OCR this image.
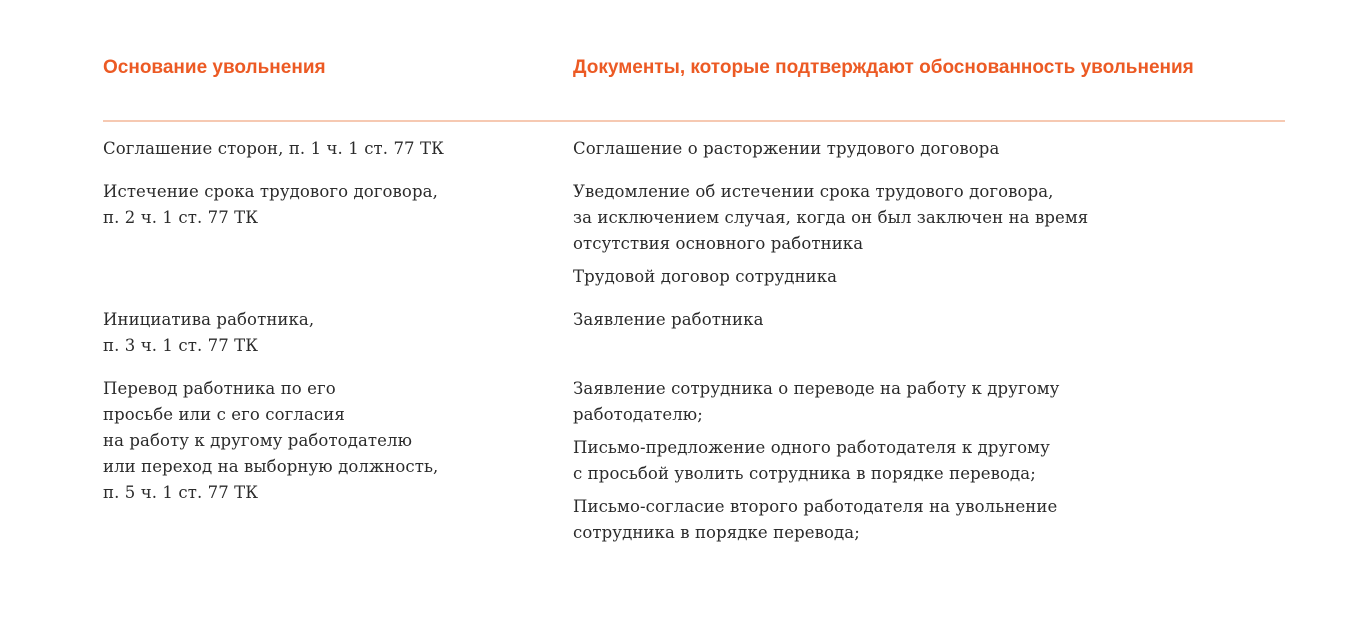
Основание увольнения	Документы, которые подтверждают обоснованность увольнения
Соглашение сторон, п. 1 ч. 1 ст. 77 ТК	Соглашение о расторжении трудового договора
Истечение срока трудового договора,
п. 2 ч. 1 ст. 77 ТК
Уведомление об истечении срока трудового договора,
за исключением случая, когда он был заключен на время
отсутствия основного работника
Трудовой договор сотрудника
Инициатива работника,
п. 3 ч. 1 ст. 77 ТК
Заявление работника
Перевод работника по его
просьбе или с его согласия
на работу к другому работодателю
или переход на выборную должность,
п. 5 ч. 1 ст. 77 ТК
Заявление сотрудника о переводе на работу к другому
работодателю;
Письмо-предложение одного работодателя к другому
с просьбой уволить сотрудника в порядке перевода;
Письмо-согласие второго работодателя на увольнение
сотрудника в порядке перевода;
